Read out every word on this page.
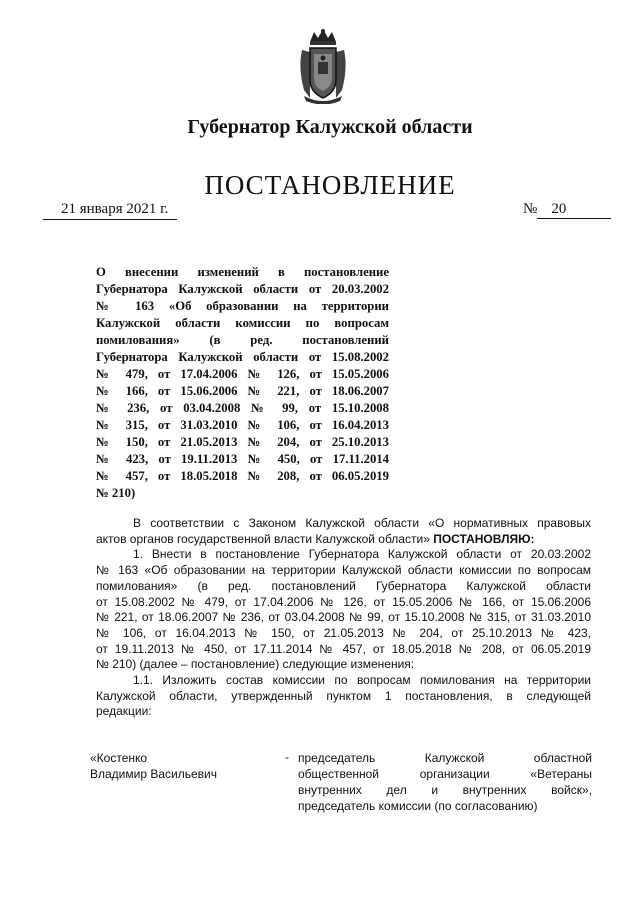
Губернатор Калужской области
ПОСТАНОВЛЕНИЕ
21 января 2021 г.	№ 20
О внесении изменений в постановление
Губернатора Калужской области от 20.03.2002
№ 163 «Об образовании на территории
Калужской области комиссии по вопросам
помилования» (в ред. постановлений
Губернатора Калужской области от 15.08.2002
№ 479, от 17.04.2006 № 126, от 15.05.2006
№ 166, от 15.06.2006 № 221, от 18.06.2007
№ 236, от 03.04.2008 № 99, от 15.10.2008
№ 315, от 31.03.2010 № 106, от 16.04.2013
№ 150, от 21.05.2013 № 204, от 25.10.2013
№ 423, от 19.11.2013 № 450, от 17.11.2014
№ 457, от 18.05.2018 № 208, от 06.05.2019
№ 210)
В соответствии с Законом Калужской области «О нормативных правовых
актов органов государственной власти Калужской области» ПОСТАНОВЛЯЮ:
1. Внести в постановление Губернатора Калужской области от 20.03.2002
№ 163 «Об образовании на территории Калужской области комиссии по вопросам
помилования» (в ред. постановлений Губернатора Калужской области
от 15.08.2002 № 479, от 17.04.2006 № 126, от 15.05.2006 № 166, от 15.06.2006
№ 221, от 18.06.2007 № 236, от 03.04.2008 № 99, от 15.10.2008 № 315, от 31.03.2010
№ 106, от 16.04.2013 № 150, от 21.05.2013 № 204, от 25.10.2013 № 423,
от 19.11.2013 № 450, от 17.11.2014 № 457, от 18.05.2018 № 208, от 06.05.2019
№ 210) (далее – постановление) следующие изменения:
1.1. Изложить состав комиссии по вопросам помилования на территории
Калужской области, утвержденный пунктом 1 постановления, в следующей
редакции:
«Костенко
Владимир Васильевич
- председатель Калужской областной
общественной организации «Ветераны
внутренних дел и внутренних войск»,
председатель комиссии (по согласованию)
